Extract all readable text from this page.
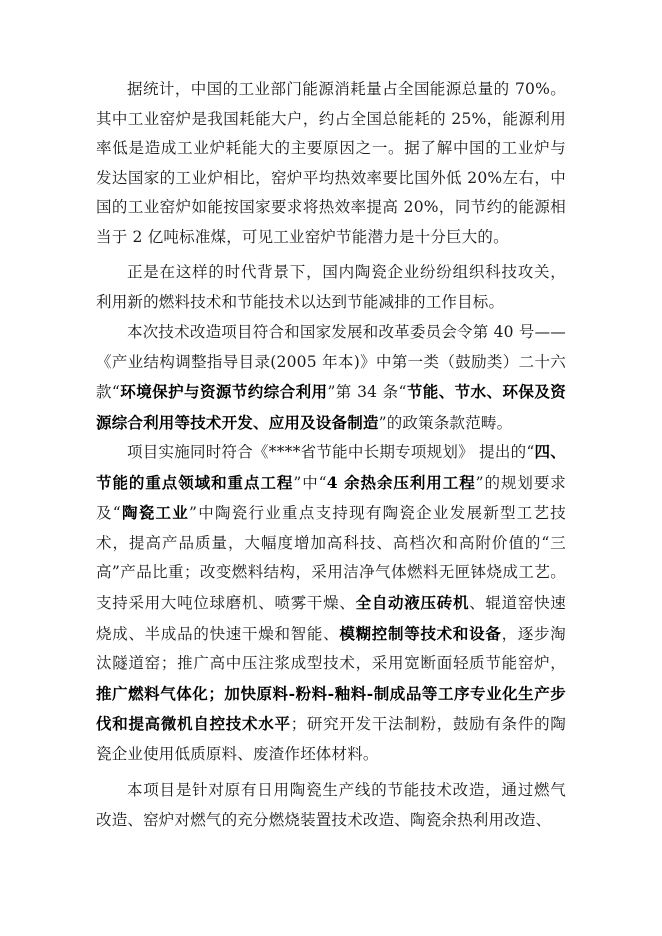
据统计，中国的工业部门能源消耗量占全国能源总量的 70%。其中工业窑炉是我国耗能大户，约占全国总能耗的 25%，能源利用率低是造成工业炉耗能大的主要原因之一。据了解中国的工业炉与发达国家的工业炉相比，窑炉平均热效率要比国外低 20%左右，中国的工业窑炉如能按国家要求将热效率提高 20%，同节约的能源相当于 2 亿吨标准煤，可见工业窑炉节能潜力是十分巨大的。

正是在这样的时代背景下，国内陶瓷企业纷纷组织科技攻关，利用新的燃料技术和节能技术以达到节能减排的工作目标。

本次技术改造项目符合和国家发展和改革委员会令第 40 号——《产业结构调整指导目录(2005 年本)》中第一类（鼓励类）二十六款“环境保护与资源节约综合利用”第 34 条“节能、节水、环保及资源综合利用等技术开发、应用及设备制造”的政策条款范畴。

项目实施同时符合《****省节能中长期专项规划》 提出的“四、节能的重点领域和重点工程”中“4 余热余压利用工程”的规划要求及“陶瓷工业”中陶瓷行业重点支持现有陶瓷企业发展新型工艺技术，提高产品质量，大幅度增加高科技、高档次和高附价值的“三高”产品比重；改变燃料结构，采用洁净气体燃料无匣钵烧成工艺。支持采用大吨位球磨机、喷雾干燥、全自动液压砖机、辊道窑快速烧成、半成品的快速干燥和智能、模糊控制等技术和设备，逐步淘汰隧道窑；推广高中压注浆成型技术，采用宽断面轻质节能窑炉，推广燃料气体化；加快原料-粉料-釉料-制成品等工序专业化生产步伐和提高微机自控技术水平；研究开发干法制粉，鼓励有条件的陶瓷企业使用低质原料、废渣作坯体材料。

本项目是针对原有日用陶瓷生产线的节能技术改造，通过燃气改造、窑炉对燃气的充分燃烧装置技术改造、陶瓷余热利用改造、
